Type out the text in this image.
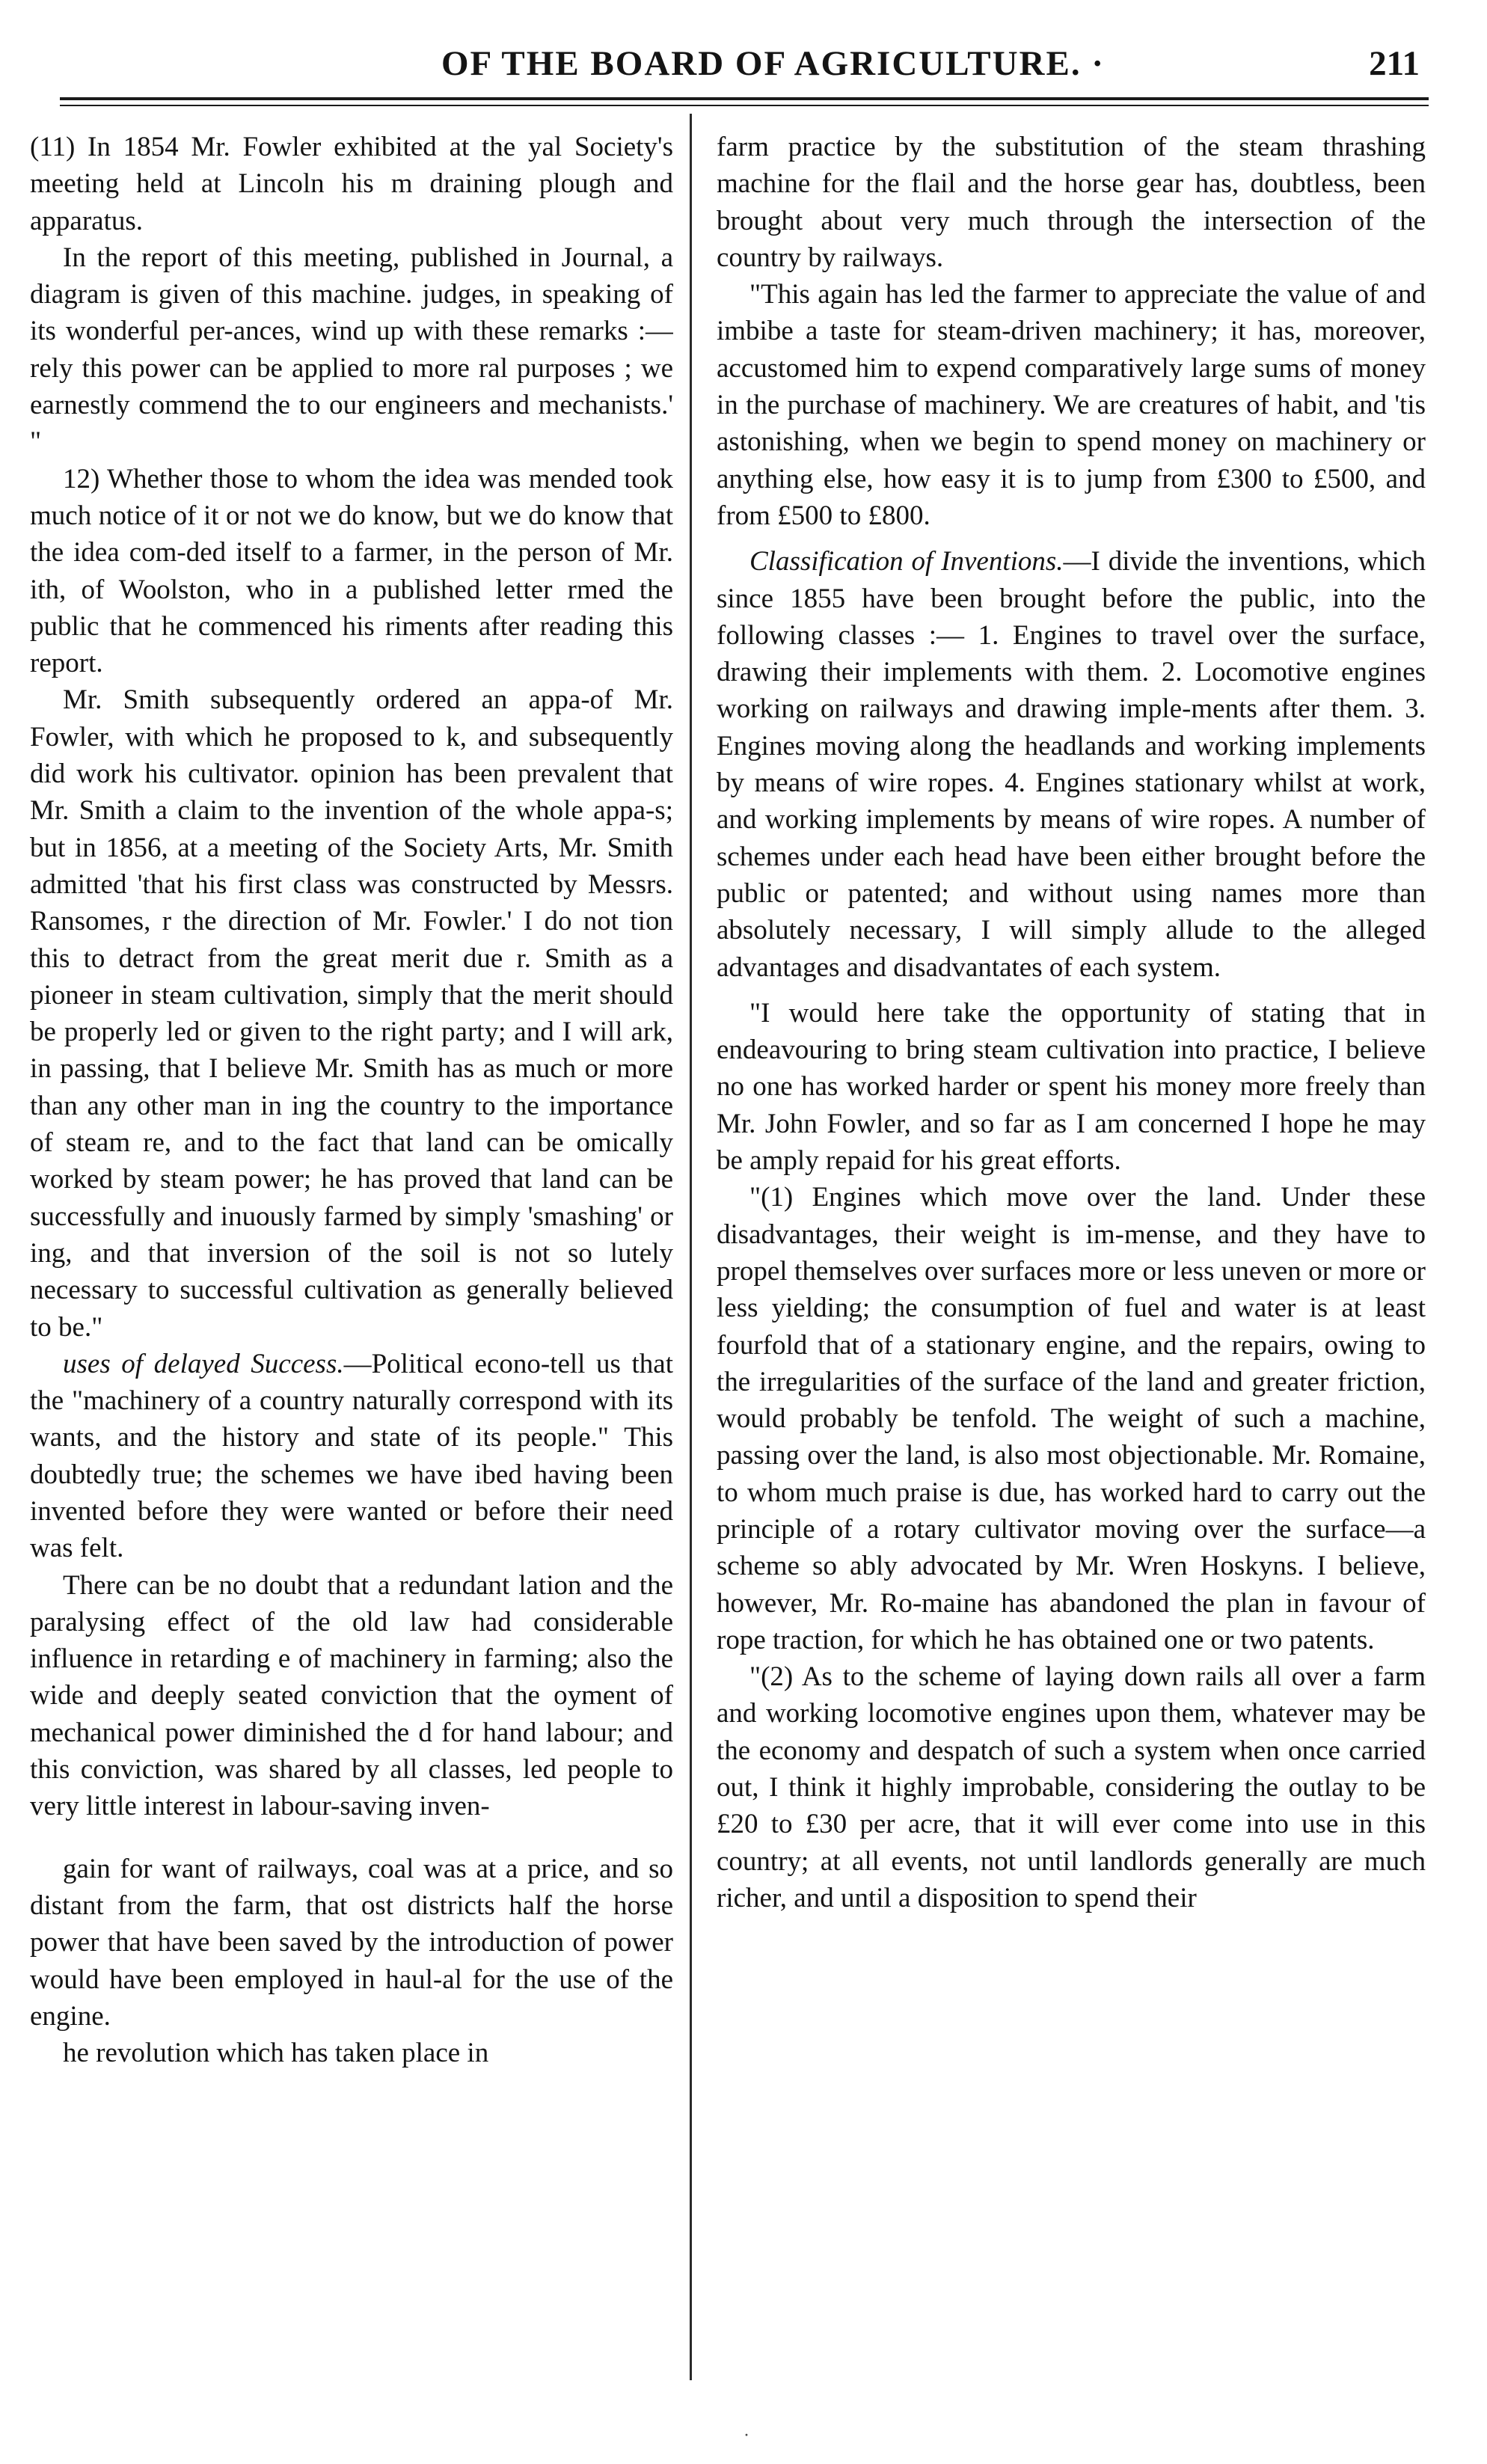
OF THE BOARD OF AGRICULTURE. ·	211

(11) In 1854 Mr. Fowler exhibited at the yal Society's meeting held at Lincoln his m draining plough and apparatus.

In the report of this meeting, published in Journal, a diagram is given of this machine. judges, in speaking of its wonderful per-ances, wind up with these remarks :— rely this power can be applied to more ral purposes ; we earnestly commend the to our engineers and mechanists.' "

12) Whether those to whom the idea was mended took much notice of it or not we do know, but we do know that the idea com-ded itself to a farmer, in the person of Mr. ith, of Woolston, who in a published letter rmed the public that he commenced his riments after reading this report.

Mr. Smith subsequently ordered an appa-of Mr. Fowler, with which he proposed to k, and subsequently did work his cultivator. opinion has been prevalent that Mr. Smith a claim to the invention of the whole appa-s; but in 1856, at a meeting of the Society Arts, Mr. Smith admitted 'that his first class was constructed by Messrs. Ransomes, r the direction of Mr. Fowler.' I do not tion this to detract from the great merit due r. Smith as a pioneer in steam cultivation, simply that the merit should be properly led or given to the right party; and I will ark, in passing, that I believe Mr. Smith has as much or more than any other man in ing the country to the importance of steam re, and to the fact that land can be omically worked by steam power; he has proved that land can be successfully and inuously farmed by simply 'smashing' or ing, and that inversion of the soil is not so lutely necessary to successful cultivation as generally believed to be."

uses of delayed Success.—Political econo-tell us that the "machinery of a country naturally correspond with its wants, and the history and state of its people." This doubtedly true; the schemes we have ibed having been invented before they were wanted or before their need was felt.

There can be no doubt that a redundant lation and the paralysing effect of the old law had considerable influence in retarding e of machinery in farming; also the wide and deeply seated conviction that the oyment of mechanical power diminished the d for hand labour; and this conviction, was shared by all classes, led people to very little interest in labour-saving inven-

gain for want of railways, coal was at a price, and so distant from the farm, that ost districts half the horse power that have been saved by the introduction of power would have been employed in haul-al for the use of the engine.

he revolution which has taken place in

farm practice by the substitution of the steam thrashing machine for the flail and the horse gear has, doubtless, been brought about very much through the intersection of the country by railways.

"This again has led the farmer to appreciate the value of and imbibe a taste for steam-driven machinery; it has, moreover, accustomed him to expend comparatively large sums of money in the purchase of machinery. We are creatures of habit, and 'tis astonishing, when we begin to spend money on machinery or anything else, how easy it is to jump from £300 to £500, and from £500 to £800.

Classification of Inventions.—I divide the inventions, which since 1855 have been brought before the public, into the following classes :— 1. Engines to travel over the surface, drawing their implements with them. 2. Locomotive engines working on railways and drawing imple-ments after them. 3. Engines moving along the headlands and working implements by means of wire ropes. 4. Engines stationary whilst at work, and working implements by means of wire ropes. A number of schemes under each head have been either brought before the public or patented; and without using names more than absolutely necessary, I will simply allude to the alleged advantages and disadvantates of each system.

"I would here take the opportunity of stating that in endeavouring to bring steam cultivation into practice, I believe no one has worked harder or spent his money more freely than Mr. John Fowler, and so far as I am concerned I hope he may be amply repaid for his great efforts.

"(1) Engines which move over the land. Under these disadvantages, their weight is im-mense, and they have to propel themselves over surfaces more or less uneven or more or less yielding; the consumption of fuel and water is at least fourfold that of a stationary engine, and the repairs, owing to the irregularities of the surface of the land and greater friction, would probably be tenfold. The weight of such a machine, passing over the land, is also most objectionable. Mr. Romaine, to whom much praise is due, has worked hard to carry out the principle of a rotary cultivator moving over the surface—a scheme so ably advocated by Mr. Wren Hoskyns. I believe, however, Mr. Ro-maine has abandoned the plan in favour of rope traction, for which he has obtained one or two patents.

"(2) As to the scheme of laying down rails all over a farm and working locomotive engines upon them, whatever may be the economy and despatch of such a system when once carried out, I think it highly improbable, considering the outlay to be £20 to £30 per acre, that it will ever come into use in this country; at all events, not until landlords generally are much richer, and until a disposition to spend their

·
